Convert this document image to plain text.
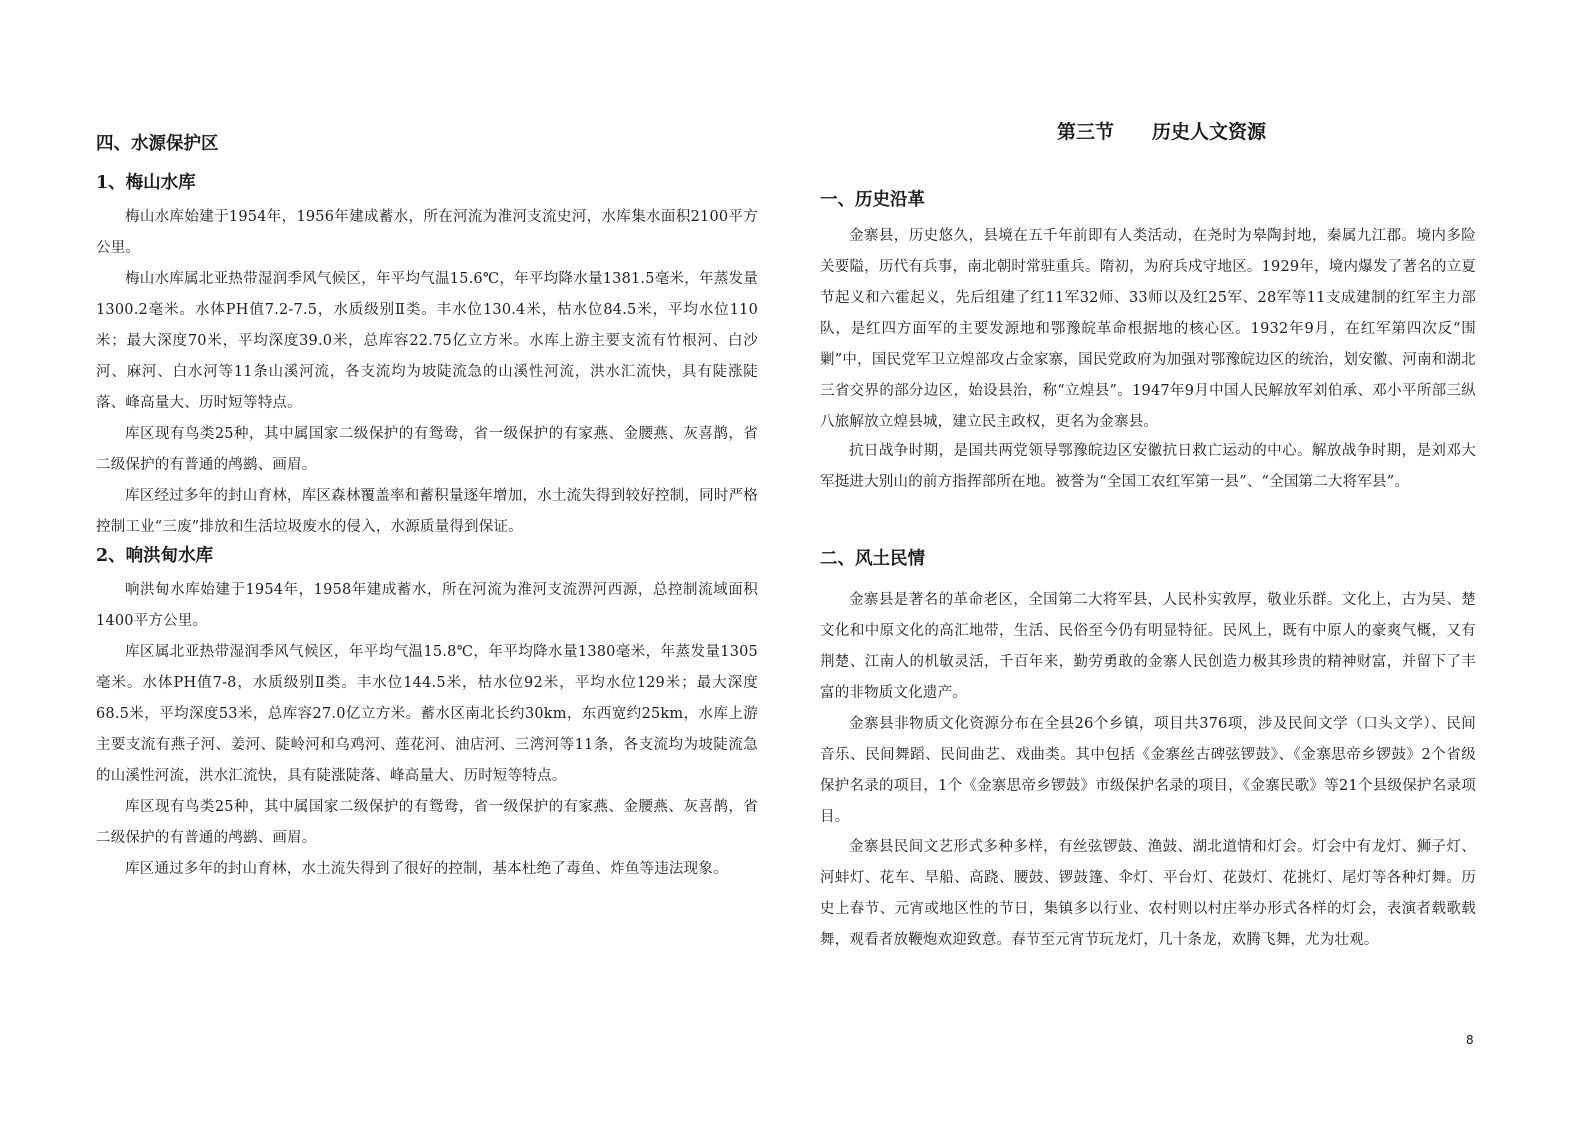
四、水源保护区
1、梅山水库

梅山水库始建于1954年，1956年建成蓄水，所在河流为淮河支流史河，水库集水面积2100平方公里。

梅山水库属北亚热带湿润季风气候区，年平均气温15.6℃，年平均降水量1381.5毫米，年蒸发量1300.2毫米。水体PH值7.2-7.5，水质级别Ⅱ类。丰水位130.4米，枯水位84.5米，平均水位110米；最大深度70米，平均深度39.0米，总库容22.75亿立方米。水库上游主要支流有竹根河、白沙河、麻河、白水河等11条山溪河流，各支流均为坡陡流急的山溪性河流，洪水汇流快，具有陡涨陡落、峰高量大、历时短等特点。

库区现有鸟类25种，其中属国家二级保护的有鸳鸯，省一级保护的有家燕、金腰燕、灰喜鹊，省二级保护的有普通的鸬鹚、画眉。

库区经过多年的封山育林，库区森林覆盖率和蓄积量逐年增加，水土流失得到较好控制，同时严格控制工业“三废”排放和生活垃圾废水的侵入，水源质量得到保证。

2、响洪甸水库

响洪甸水库始建于1954年，1958年建成蓄水，所在河流为淮河支流淠河西源，总控制流域面积1400平方公里。

库区属北亚热带湿润季风气候区，年平均气温15.8℃，年平均降水量1380毫米，年蒸发量1305毫米。水体PH值7-8，水质级别Ⅱ类。丰水位144.5米，枯水位92米，平均水位129米；最大深度68.5米，平均深度53米，总库容27.0亿立方米。蓄水区南北长约30km，东西宽约25km，水库上游主要支流有燕子河、姜河、陡岭河和乌鸡河、莲花河、油店河、三湾河等11条，各支流均为坡陡流急的山溪性河流，洪水汇流快，具有陡涨陡落、峰高量大、历时短等特点。

库区现有鸟类25种，其中属国家二级保护的有鸳鸯，省一级保护的有家燕、金腰燕、灰喜鹊，省二级保护的有普通的鸬鹚、画眉。

库区通过多年的封山育林，水土流失得到了很好的控制，基本杜绝了毒鱼、炸鱼等违法现象。

第三节　　历史人文资源
一、历史沿革

金寨县，历史悠久，县境在五千年前即有人类活动，在尧时为皋陶封地，秦属九江郡。境内多险关要隘，历代有兵事，南北朝时常驻重兵。隋初，为府兵戍守地区。1929年，境内爆发了著名的立夏节起义和六霍起义，先后组建了红11军32师、33师以及红25军、28军等11支成建制的红军主力部队，是红四方面军的主要发源地和鄂豫皖革命根据地的核心区。1932年9月，在红军第四次反“围剿”中，国民党军卫立煌部攻占金家寨，国民党政府为加强对鄂豫皖边区的统治，划安徽、河南和湖北三省交界的部分边区，始设县治，称“立煌县”。1947年9月中国人民解放军刘伯承、邓小平所部三纵八旅解放立煌县城，建立民主政权，更名为金寨县。

抗日战争时期，是国共两党领导鄂豫皖边区安徽抗日救亡运动的中心。解放战争时期，是刘邓大军挺进大别山的前方指挥部所在地。被誉为“全国工农红军第一县”、“全国第二大将军县”。

二、风土民情

金寨县是著名的革命老区，全国第二大将军县，人民朴实敦厚，敬业乐群。文化上，古为吴、楚文化和中原文化的高汇地带，生活、民俗至今仍有明显特征。民风上，既有中原人的豪爽气概，又有荆楚、江南人的机敏灵活，千百年来，勤劳勇敢的金寨人民创造力极其珍贵的精神财富，并留下了丰富的非物质文化遗产。

金寨县非物质文化资源分布在全县26个乡镇，项目共376项，涉及民间文学（口头文学）、民间音乐、民间舞蹈、民间曲艺、戏曲类。其中包括《金寨丝古碑弦锣鼓》、《金寨思帝乡锣鼓》2个省级保护名录的项目，1个《金寨思帝乡锣鼓》市级保护名录的项目，《金寨民歌》等21个县级保护名录项目。

金寨县民间文艺形式多种多样，有丝弦锣鼓、渔鼓、湖北道情和灯会。灯会中有龙灯、狮子灯、河蚌灯、花车、旱船、高跷、腰鼓、锣鼓篷、伞灯、平台灯、花鼓灯、花挑灯、尾灯等各种灯舞。历史上春节、元宵或地区性的节日，集镇多以行业、农村则以村庄举办形式各样的灯会，表演者载歌载舞，观看者放鞭炮欢迎致意。春节至元宵节玩龙灯，几十条龙，欢腾飞舞，尤为壮观。

8
